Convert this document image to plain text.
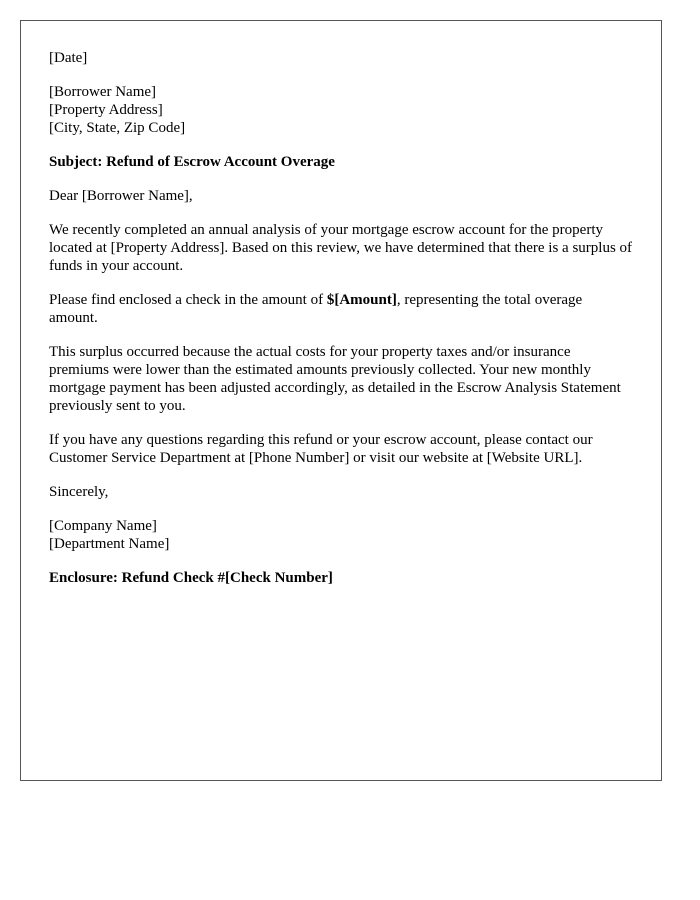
[Date]

[Borrower Name]
[Property Address]
[City, State, Zip Code]

Subject: Refund of Escrow Account Overage

Dear [Borrower Name],

We recently completed an annual analysis of your mortgage escrow account for the property located at [Property Address]. Based on this review, we have determined that there is a surplus of funds in your account.

Please find enclosed a check in the amount of $[Amount], representing the total overage amount.

This surplus occurred because the actual costs for your property taxes and/or insurance premiums were lower than the estimated amounts previously collected. Your new monthly mortgage payment has been adjusted accordingly, as detailed in the Escrow Analysis Statement previously sent to you.

If you have any questions regarding this refund or your escrow account, please contact our Customer Service Department at [Phone Number] or visit our website at [Website URL].

Sincerely,

[Company Name]
[Department Name]

Enclosure: Refund Check #[Check Number]
